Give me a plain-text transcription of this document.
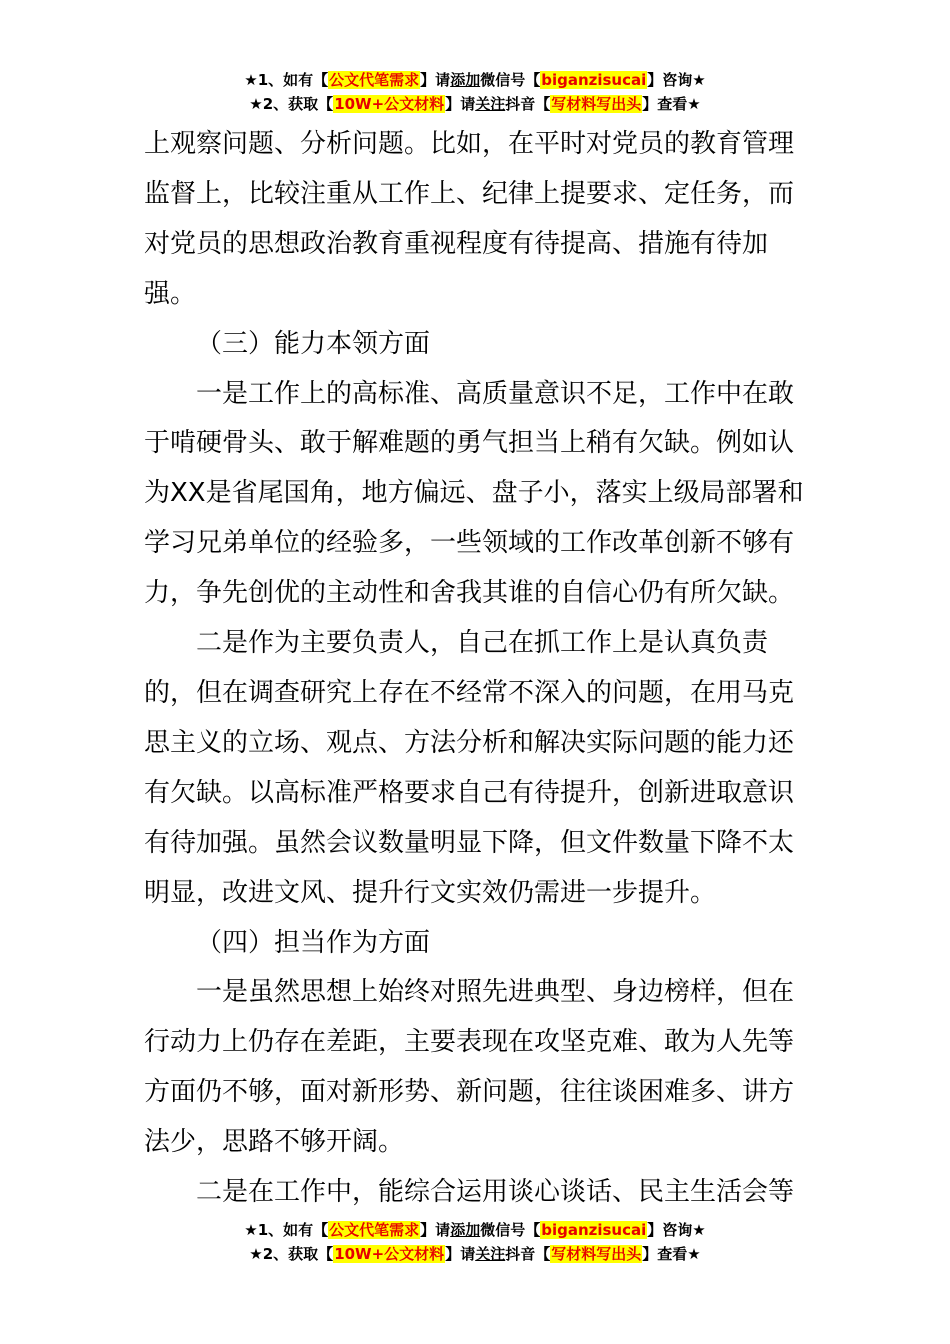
★1、如有【公文代笔需求】请添加微信号【biganzisucai】咨询★
★2、获取【10W+公文材料】请关注抖音【写材料写出头】查看★

上观察问题、分析问题。比如，在平时对党员的教育管理

监督上，比较注重从工作上、纪律上提要求、定任务，而

对党员的思想政治教育重视程度有待提高、措施有待加

强。

（三）能力本领方面

一是工作上的高标准、高质量意识不足，工作中在敢

于啃硬骨头、敢于解难题的勇气担当上稍有欠缺。例如认

为XX是省尾国角，地方偏远、盘子小，落实上级局部署和

学习兄弟单位的经验多，一些领域的工作改革创新不够有

力，争先创优的主动性和舍我其谁的自信心仍有所欠缺。

二是作为主要负责人，自己在抓工作上是认真负责

的，但在调查研究上存在不经常不深入的问题，在用马克

思主义的立场、观点、方法分析和解决实际问题的能力还

有欠缺。以高标准严格要求自己有待提升，创新进取意识

有待加强。虽然会议数量明显下降，但文件数量下降不太

明显，改进文风、提升行文实效仍需进一步提升。

（四）担当作为方面

一是虽然思想上始终对照先进典型、身边榜样，但在

行动力上仍存在差距，主要表现在攻坚克难、敢为人先等

方面仍不够，面对新形势、新问题，往往谈困难多、讲方

法少，思路不够开阔。

二是在工作中，能综合运用谈心谈话、民主生活会等

★1、如有【公文代笔需求】请添加微信号【biganzisucai】咨询★
★2、获取【10W+公文材料】请关注抖音【写材料写出头】查看★
